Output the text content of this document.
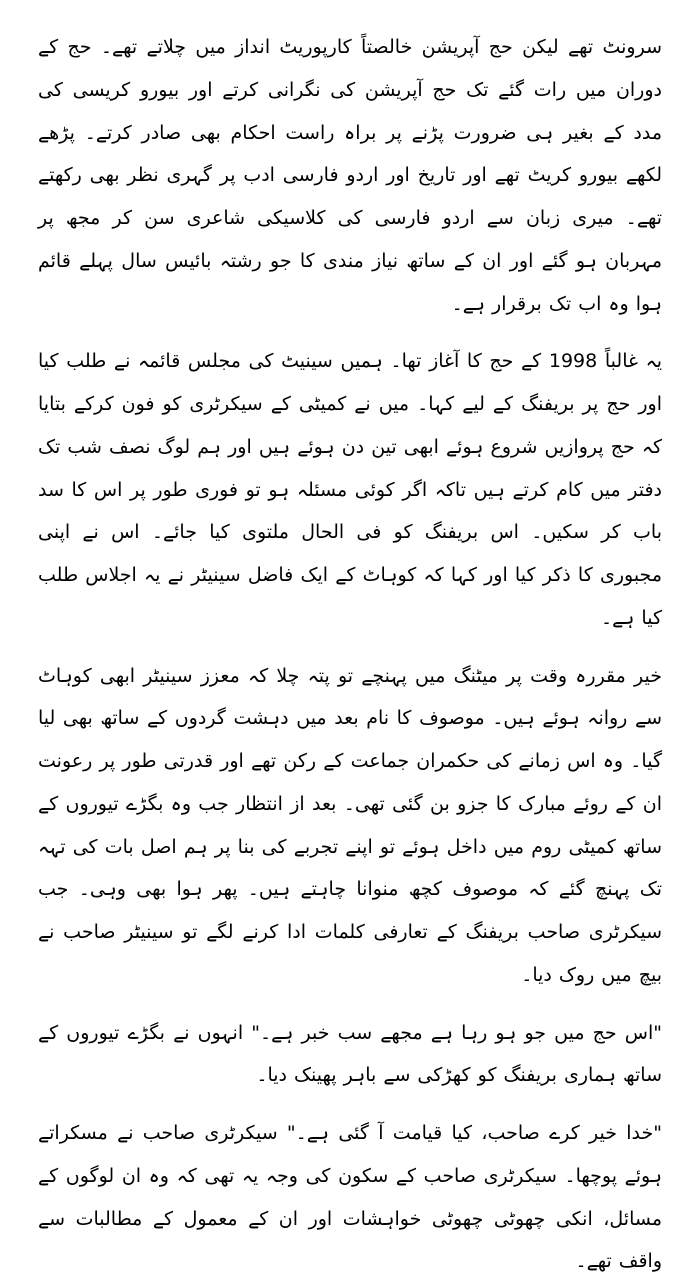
سرونٹ تھے لیکن حج آپریشن خالصتاً کارپوریٹ انداز میں چلاتے تھے۔ حج کے دوران میں رات گئے تک حج آپریشن کی نگرانی کرتے اور بیورو کریسی کی مدد کے بغیر ہی ضرورت پڑنے پر براہ راست احکام بھی صادر کرتے۔ پڑھے لکھے بیورو کریٹ تھے اور تاریخ اور اردو فارسی ادب پر گہری نظر بھی رکھتے تھے۔ میری زبان سے اردو فارسی کی کلاسیکی شاعری سن کر مجھ پر مہربان ہو گئے اور ان کے ساتھ نیاز مندی کا جو رشتہ بائیس سال پہلے قائم ہوا وہ اب تک برقرار ہے۔

یہ غالباً 1998 کے حج کا آغاز تھا۔ ہمیں سینیٹ کی مجلس قائمہ نے طلب کیا اور حج پر بریفنگ کے لیے کہا۔ میں نے کمیٹی کے سیکرٹری کو فون کرکے بتایا کہ حج پروازیں شروع ہوئے ابھی تین دن ہوئے ہیں اور ہم لوگ نصف شب تک دفتر میں کام کرتے ہیں تاکہ اگر کوئی مسئلہ ہو تو فوری طور پر اس کا سد باب کر سکیں۔ اس بریفنگ کو فی الحال ملتوی کیا جائے۔ اس نے اپنی مجبوری کا ذکر کیا اور کہا کہ کوہاٹ کے ایک فاضل سینیٹر نے یہ اجلاس طلب کیا ہے۔

خیر مقررہ وقت پر میٹنگ میں پہنچے تو پتہ چلا کہ معزز سینیٹر ابھی کوہاٹ سے روانہ ہوئے ہیں۔ موصوف کا نام بعد میں دہشت گردوں کے ساتھ بھی لیا گیا۔ وہ اس زمانے کی حکمران جماعت کے رکن تھے اور قدرتی طور پر رعونت ان کے روئے مبارک کا جزو بن گئی تھی۔ بعد از انتظار جب وہ بگڑے تیوروں کے ساتھ کمیٹی روم میں داخل ہوئے تو اپنے تجربے کی بنا پر ہم اصل بات کی تہہ تک پہنچ گئے کہ موصوف کچھ منوانا چاہتے ہیں۔ پھر ہوا بھی وہی۔ جب سیکرٹری صاحب بریفنگ کے تعارفی کلمات ادا کرنے لگے تو سینیٹر صاحب نے بیچ میں روک دیا۔

"اس حج میں جو ہو رہا ہے مجھے سب خبر ہے۔" انہوں نے بگڑے تیوروں کے ساتھ ہماری بریفنگ کو کھڑکی سے باہر پھینک دیا۔

"خدا خیر کرے صاحب، کیا قیامت آ گئی ہے۔" سیکرٹری صاحب نے مسکراتے ہوئے پوچھا۔ سیکرٹری صاحب کے سکون کی وجہ یہ تھی کہ وہ ان لوگوں کے مسائل، انکی چھوٹی چھوٹی خواہشات اور ان کے معمول کے مطالبات سے واقف تھے۔
